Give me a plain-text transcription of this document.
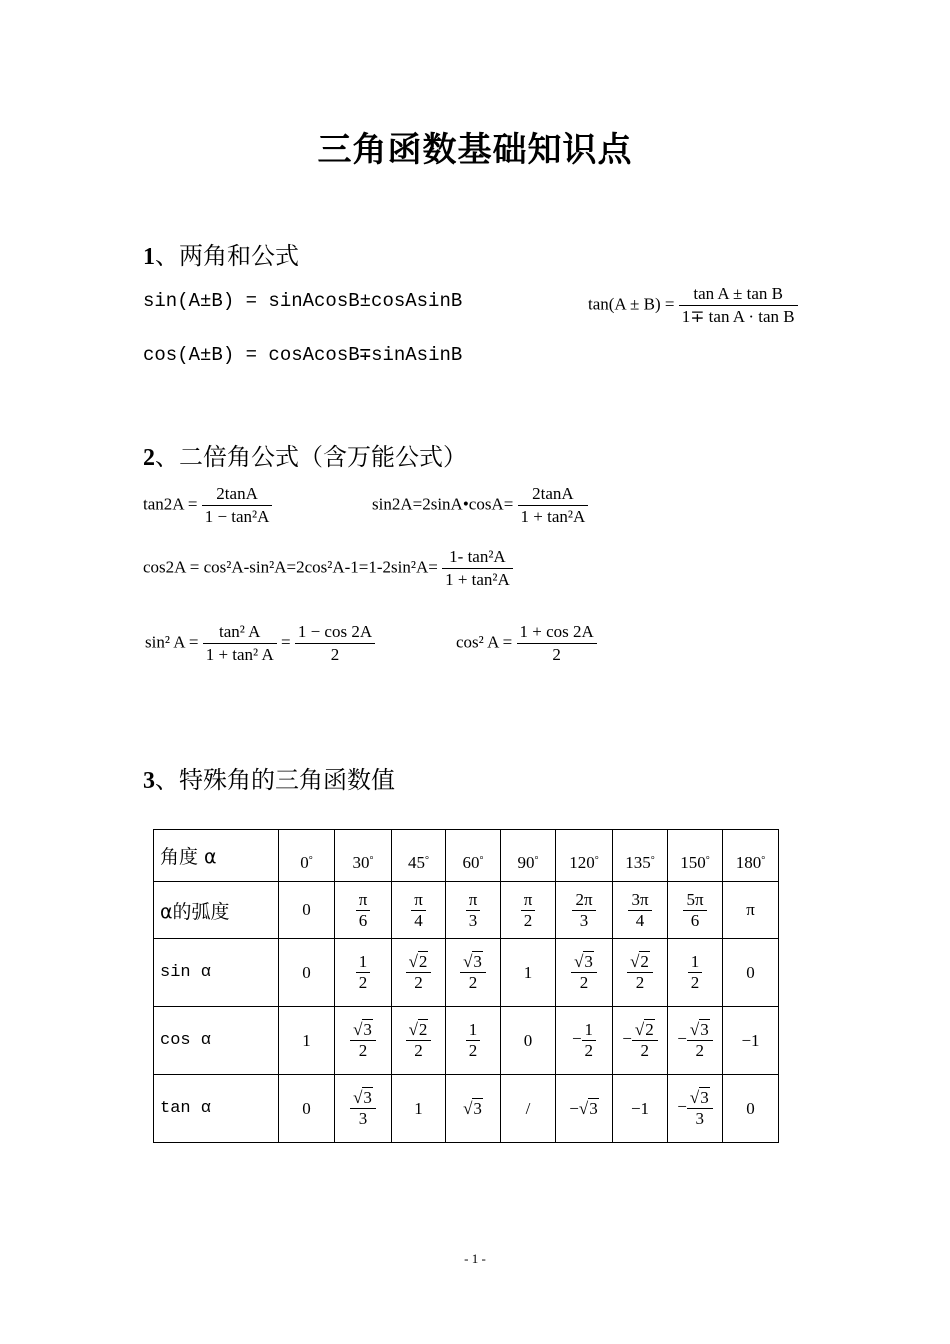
三角函数基础知识点
1、两角和公式
sin(A±B) = sinAcosB±cosAsinB
cos(A±B) = cosAcosB∓sinAsinB
$\tan(A \pm B) = \frac{\text{tan A ± tan B}}{\text{1∓ tan A · tan B}}$
2、二倍角公式（含万能公式）
$\tan 2A = \frac{2\tan A}{\text{1 − tan²A}}$	sin2A=2sinA•cosA= $\frac{2\tan A}{\text{1 + tan²A}}$
$\cos 2A = \cos^2A-\sin^2A=2\cos^2A-1=1-2\sin^2A= \frac{\text{1- tan²A}}{\text{1 + tan²A}}$
sin² $A = \frac{\text{tan² A}}{\text{1 + tan² A}} = \frac{1 - \cos 2A}{2}$	cos² $A = \frac{1 + \cos 2A}{2}$
3、特殊角的三角函数值
角度 α	0°	30°	45°	60°	90°	120°	135°	150°	180°
α的弧度	0	$\frac{\pi}{6}$	$\frac{\pi}{4}$	$\frac{\pi}{3}$	$\frac{\pi}{2}$	$\frac{2\pi}{3}$	$\frac{3\pi}{4}$	$\frac{5\pi}{6}$	π
sin α	0	$\frac{1}{2}$	$\frac{√2}{2}$	$\frac{√3}{2}$	1	$\frac{√3}{2}$	$\frac{√2}{2}$	$\frac{1}{2}$	0
cos α	1	$\frac{√3}{2}$	$\frac{√2}{2}$	$\frac{1}{2}$	0	− $\frac{1}{2}$	− $\frac{√2}{2}$	− $\frac{√3}{2}$	−1
tan α	0	$\frac{√3}{3}$	1	√3	/	−√3	−1	− $\frac{√3}{3}$	0
- 1 -
